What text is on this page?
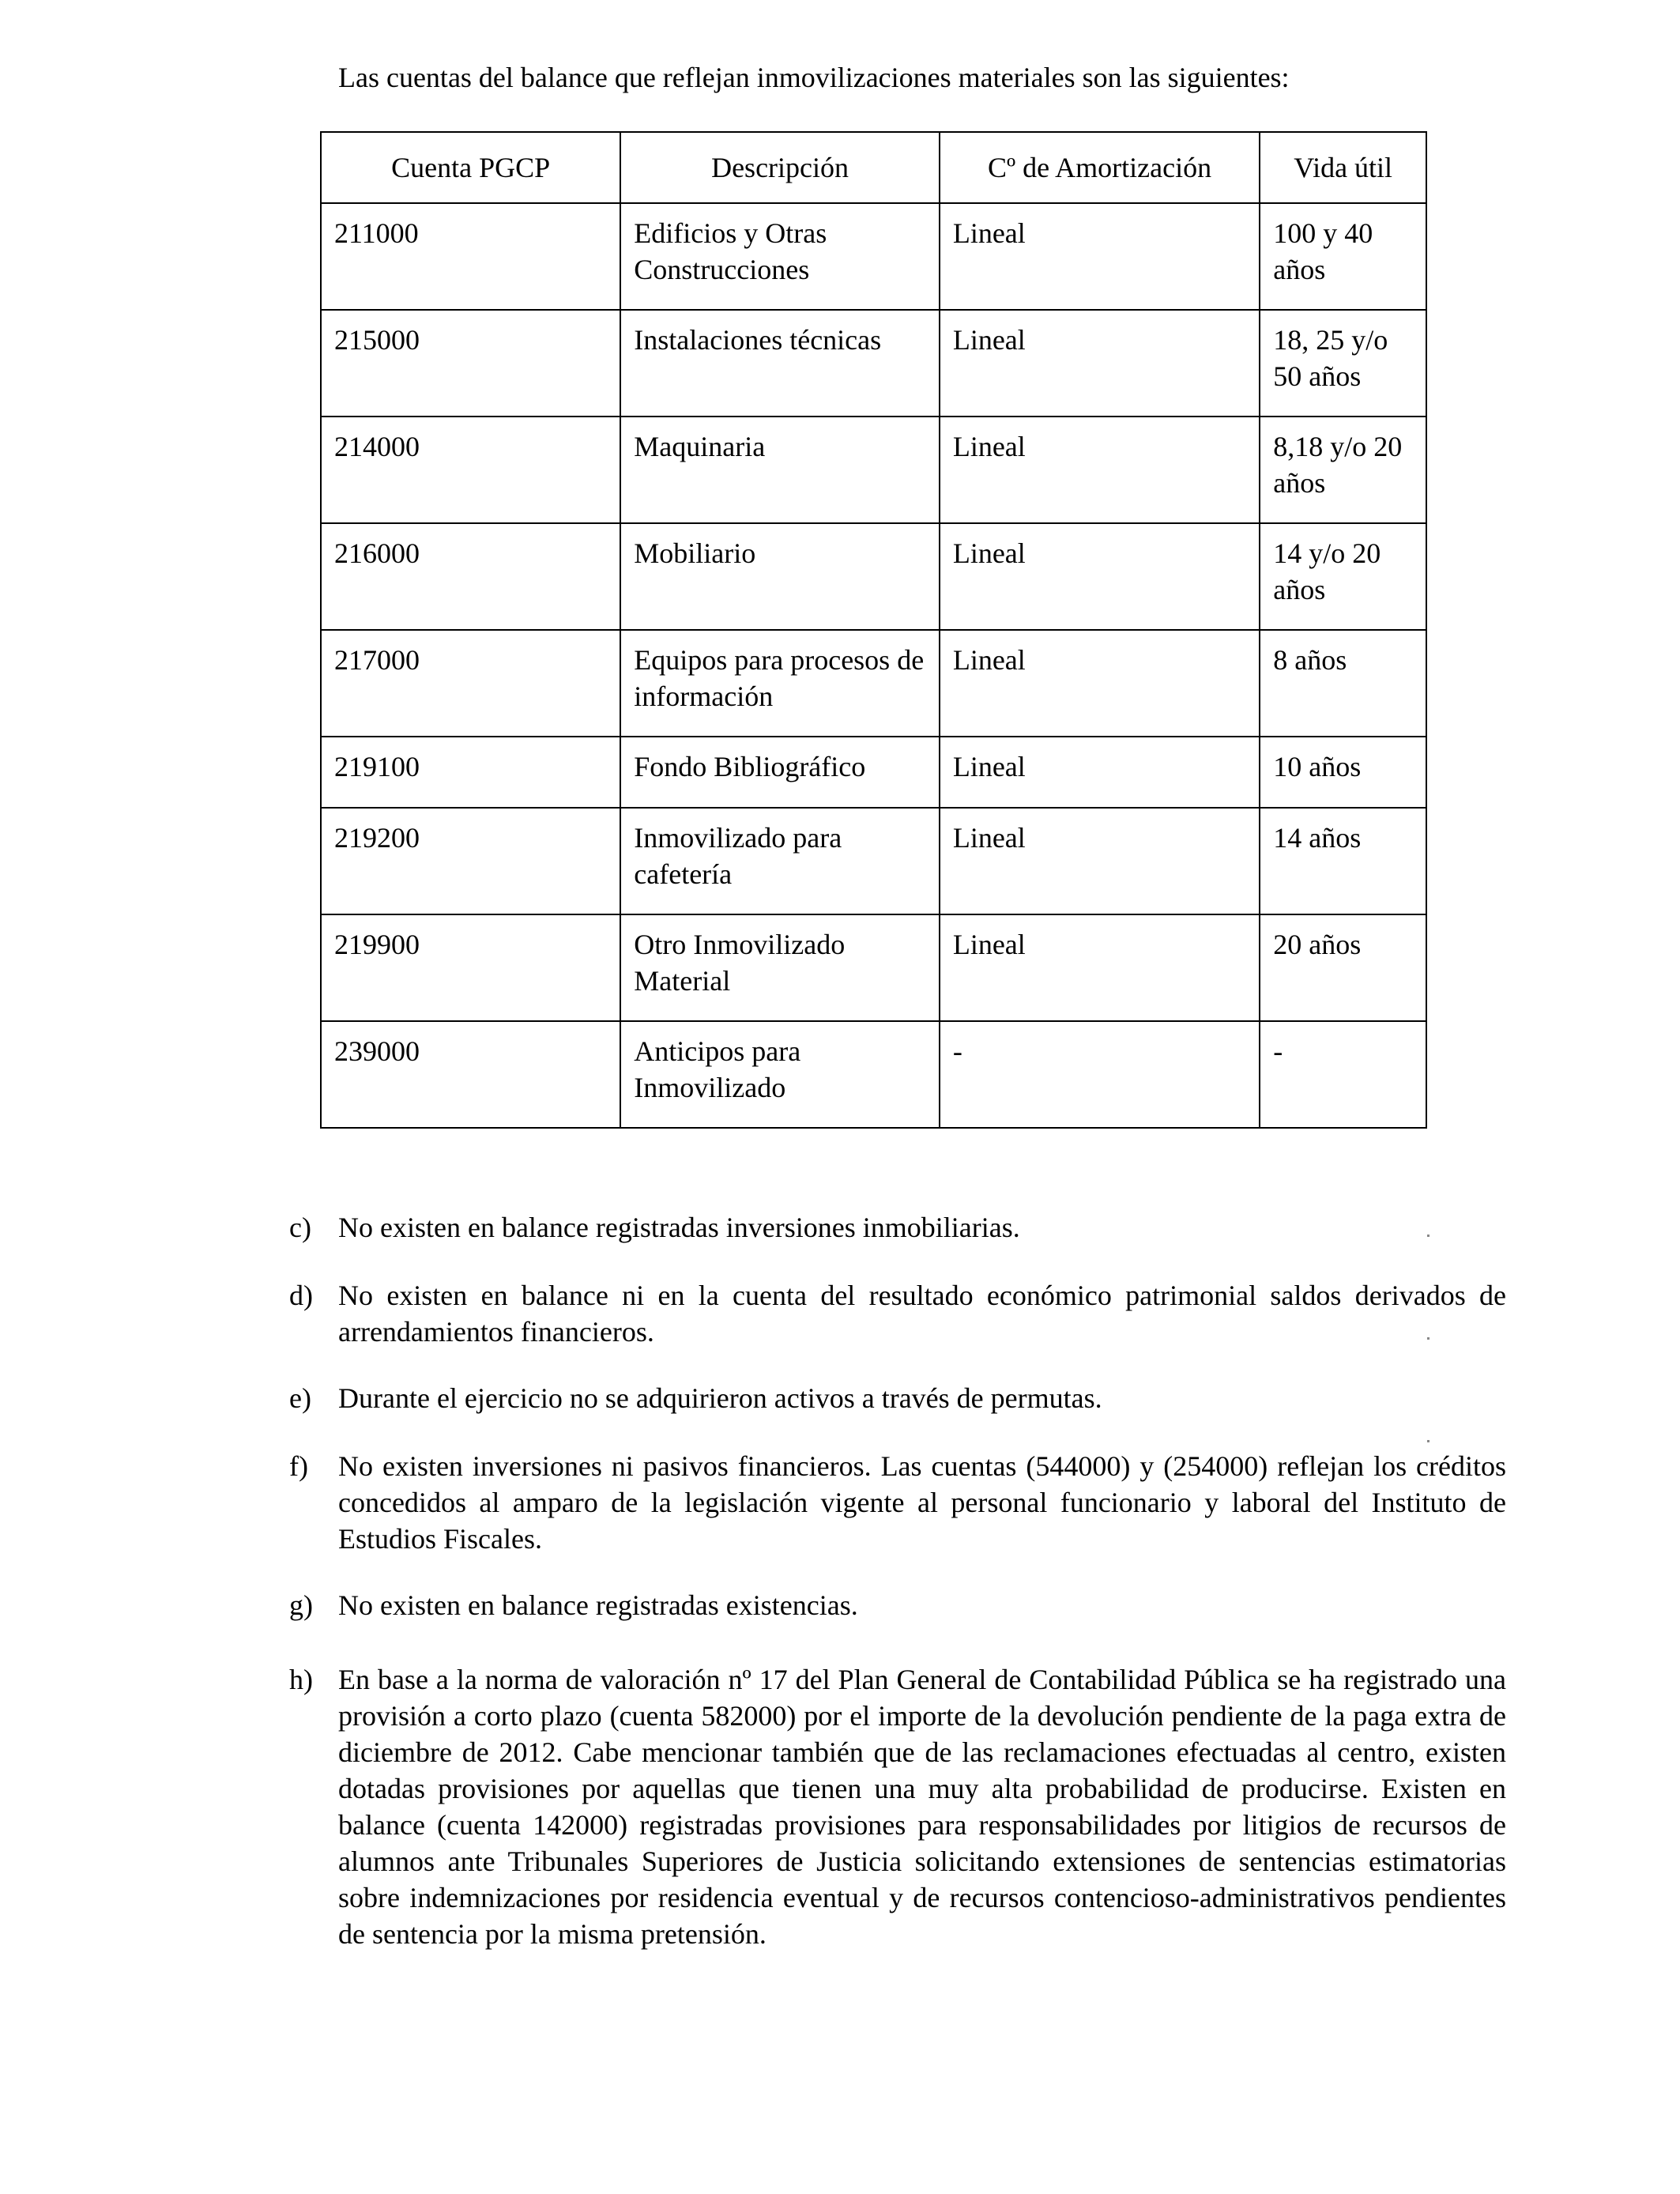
Las cuentas del balance que reflejan inmovilizaciones materiales son las siguientes:
Cuenta PGCP	Descripción	Cº de Amortización	Vida útil
211000	Edificios y Otras Construcciones	Lineal	100 y 40 años
215000	Instalaciones técnicas	Lineal	18, 25 y/o 50 años
214000	Maquinaria	Lineal	8,18 y/o 20 años
216000	Mobiliario	Lineal	14 y/o 20 años
217000	Equipos para procesos de información	Lineal	8 años
219100	Fondo Bibliográfico	Lineal	10 años
219200	Inmovilizado para cafetería	Lineal	14 años
219900	Otro Inmovilizado Material	Lineal	20 años
239000	Anticipos para Inmovilizado	-	-
c) No existen en balance registradas inversiones inmobiliarias.
d) No existen en balance ni en la cuenta del resultado económico patrimonial saldos derivados de arrendamientos financieros.
e) Durante el ejercicio no se adquirieron activos a través de permutas.
f)	No existen inversiones ni pasivos financieros. Las cuentas (544000) y (254000) reflejan los créditos concedidos al amparo de la legislación vigente al personal funcionario y laboral del Instituto de Estudios Fiscales.
g) No existen en balance registradas existencias.
h) En base a la norma de valoración nº 17 del Plan General de Contabilidad Pública se ha registrado una provisión a corto plazo (cuenta 582000) por el importe de la devolución pendiente de la paga extra de diciembre de 2012. Cabe mencionar también que de las reclamaciones efectuadas al centro, existen dotadas provisiones por aquellas que tienen una muy alta probabilidad de producirse. Existen en balance (cuenta 142000) registradas provisiones para responsabilidades por litigios de recursos de alumnos ante Tribunales Superiores de Justicia solicitando extensiones de sentencias estimatorias sobre indemnizaciones por residencia eventual y de recursos contencioso-administrativos pendientes de sentencia por la misma pretensión.
